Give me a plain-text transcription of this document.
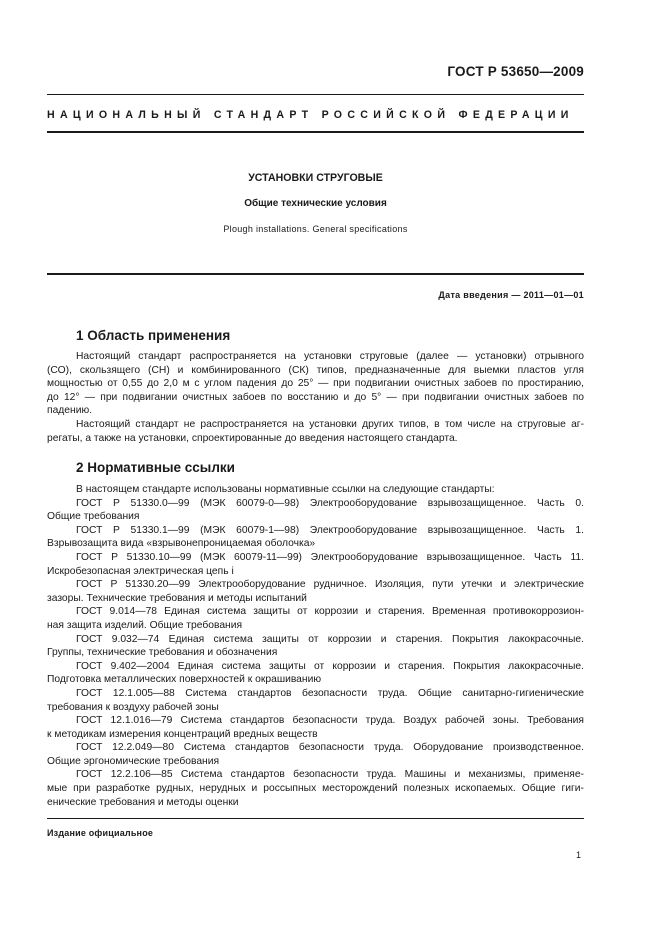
ГОСТ Р 53650—2009
НАЦИОНАЛЬНЫЙ СТАНДАРТ РОССИЙСКОЙ ФЕДЕРАЦИИ
УСТАНОВКИ СТРУГОВЫЕ
Общие технические условия
Plough installations. General specifications
Дата введения — 2011—01—01
1 Область применения
Настоящий стандарт распространяется на установки струговые (далее — установки) отрывного
(СО), скользящего (СН) и комбинированного (СК) типов, предназначенные для выемки пластов угля
мощностью от 0,55 до 2,0 м с углом падения до 25° — при подвигании очистных забоев по простиранию,
до 12° — при подвигании очистных забоев по восстанию и до 5° — при подвигании очистных забоев по
падению.
Настоящий стандарт не распространяется на установки других типов, в том числе на струговые аг-
регаты, а также на установки, спроектированные до введения настоящего стандарта.
2 Нормативные ссылки
В настоящем стандарте использованы нормативные ссылки на следующие стандарты:
ГОСТ Р 51330.0—99 (МЭК 60079-0—98) Электрооборудование взрывозащищенное. Часть 0.
Общие требования
ГОСТ Р 51330.1—99 (МЭК 60079-1—98) Электрооборудование взрывозащищенное. Часть 1.
Взрывозащита вида «взрывонепроницаемая оболочка»
ГОСТ Р 51330.10—99 (МЭК 60079-11—99) Электрооборудование взрывозащищенное. Часть 11.
Искробезопасная электрическая цепь i
ГОСТ Р 51330.20—99 Электрооборудование рудничное. Изоляция, пути утечки и электрические
зазоры. Технические требования и методы испытаний
ГОСТ 9.014—78 Единая система защиты от коррозии и старения. Временная противокоррозион-
ная защита изделий. Общие требования
ГОСТ 9.032—74 Единая система защиты от коррозии и старения. Покрытия лакокрасочные.
Группы, технические требования и обозначения
ГОСТ 9.402—2004 Единая система защиты от коррозии и старения. Покрытия лакокрасочные.
Подготовка металлических поверхностей к окрашиванию
ГОСТ 12.1.005—88 Система стандартов безопасности труда. Общие санитарно-гигиенические
требования к воздуху рабочей зоны
ГОСТ 12.1.016—79 Система стандартов безопасности труда. Воздух рабочей зоны. Требования
к методикам измерения концентраций вредных веществ
ГОСТ 12.2.049—80 Система стандартов безопасности труда. Оборудование производственное.
Общие эргономические требования
ГОСТ 12.2.106—85 Система стандартов безопасности труда. Машины и механизмы, применяе-
мые при разработке рудных, нерудных и россыпных месторождений полезных ископаемых. Общие гиги-
енические требования и методы оценки
Издание официальное
1
